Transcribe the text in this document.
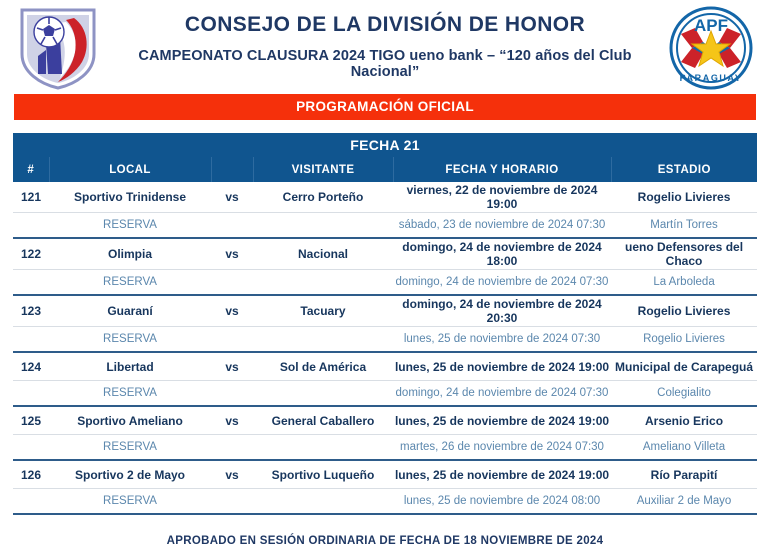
CONSEJO DE LA DIVISIÓN DE HONOR
CAMPEONATO CLAUSURA 2024 TIGO ueno bank – “120 años del Club Nacional”
APF
PARAGUAY
PROGRAMACIÓN OFICIAL
FECHA 21					
#	LOCAL		VISITANTE	FECHA Y HORARIO	ESTADIO
121	Sportivo Trinidense	vs	Cerro Porteño	viernes, 22 de noviembre de 2024 19:00	Rogelio Livieres
	RESERVA			sábado, 23 de noviembre de 2024 07:30	Martín Torres
122	Olimpia	vs	Nacional	domingo, 24 de noviembre de 2024 18:00	ueno Defensores del Chaco
	RESERVA			domingo, 24 de noviembre de 2024 07:30	La Arboleda
123	Guaraní	vs	Tacuary	domingo, 24 de noviembre de 2024 20:30	Rogelio Livieres
	RESERVA			lunes, 25 de noviembre de 2024 07:30	Rogelio Livieres
124	Libertad	vs	Sol de América	lunes, 25 de noviembre de 2024 19:00	Municipal de Carapeguá
	RESERVA			domingo, 24 de noviembre de 2024 07:30	Colegialito
125	Sportivo Ameliano	vs	General Caballero	lunes, 25 de noviembre de 2024 19:00	Arsenio Erico
	RESERVA			martes, 26 de noviembre de 2024 07:30	Ameliano Villeta
126	Sportivo 2 de Mayo	vs	Sportivo Luqueño	lunes, 25 de noviembre de 2024 19:00	Río Parapití
	RESERVA			lunes, 25 de noviembre de 2024 08:00	Auxiliar 2 de Mayo

APROBADO EN SESIÓN ORDINARIA DE FECHA DE 18 NOVIEMBRE DE 2024
